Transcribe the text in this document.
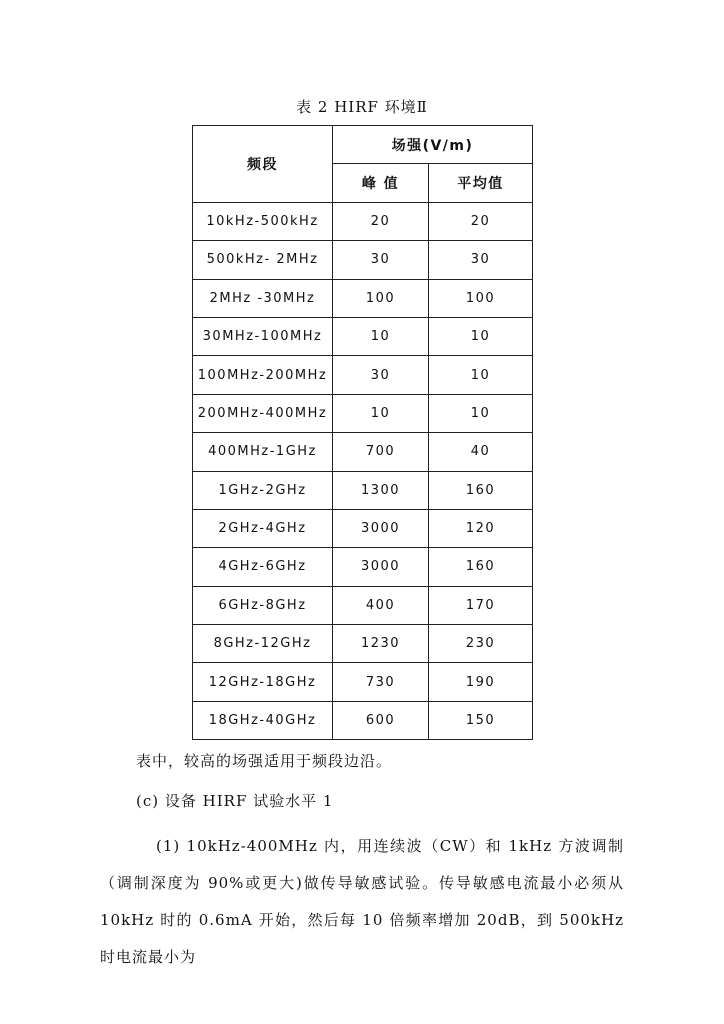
表 2 HIRF 环境Ⅱ
频段	场强(V/m)	
	峰 值	平均值
10kHz-500kHz	20	20
500kHz- 2MHz	30	30
2MHz -30MHz	100	100
30MHz-100MHz	10	10
100MHz-200MHz	30	10
200MHz-400MHz	10	10
400MHz-1GHz	700	40
1GHz-2GHz	1300	160
2GHz-4GHz	3000	120
4GHz-6GHz	3000	160
6GHz-8GHz	400	170
8GHz-12GHz	1230	230
12GHz-18GHz	730	190
18GHz-40GHz	600	150
表中，较高的场强适用于频段边沿。
(c) 设备 HIRF 试验水平 1
(1) 10kHz-400MHz 内，用连续波（CW）和 1kHz 方波调制（调制深度为 90%或更大)做传导敏感试验。传导敏感电流最小必须从 10kHz 时的 0.6mA 开始，然后每 10 倍频率增加 20dB，到 500kHz 时电流最小为
